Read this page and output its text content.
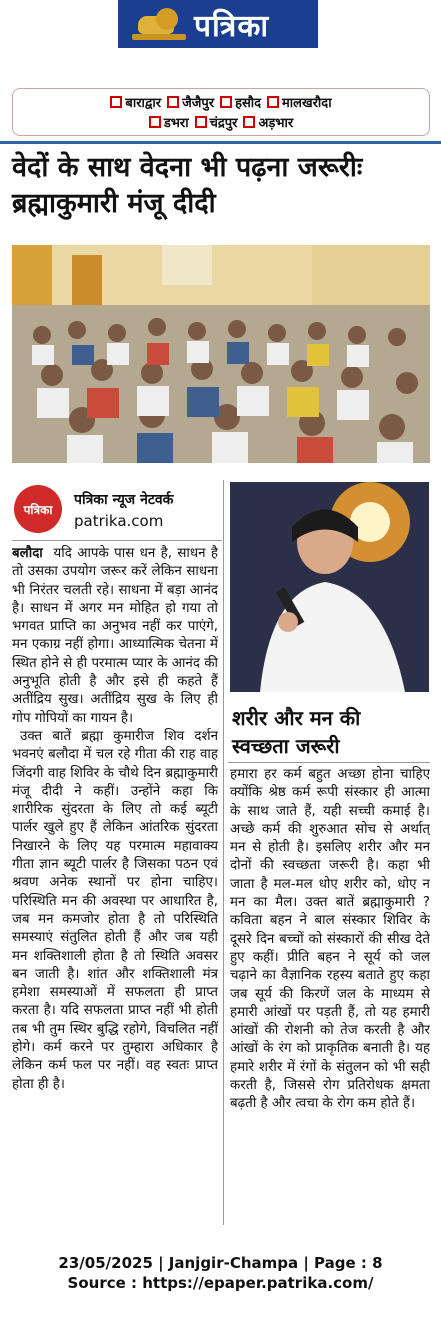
पत्रिका
बाराद्वार जैजैपुर हसौद मालखरौदा
डभरा चंद्रपुर अड़भार
वेदों के साथ वेदना भी पढ़ना जरूरीः
ब्रह्माकुमारी मंजू दीदी
पत्रिका
पत्रिका न्यूज नेटवर्क
patrika.com
बलौदा यदि आपके पास धन है, साधन है तो उसका उपयोग जरूर करें लेकिन साधना भी निरंतर चलती रहे। साधना में बड़ा आनंद है। साधन में अगर मन मोहित हो गया तो भगवत प्राप्ति का अनुभव नहीं कर पाएंगे, मन एकाग्र नहीं होगा। आध्यात्मिक चेतना में स्थित होने से ही परमात्म प्यार के आनंद की अनुभूति होती है और इसे ही कहते हैं अतींद्रिय सुख। अतींद्रिय सुख के लिए ही गोप गोपियों का गायन है।
उक्त बातें ब्रह्मा कुमारीज शिव दर्शन भवनएं बलौदा में चल रहे गीता की राह वाह जिंदगी वाह शिविर के चौथे दिन ब्रह्माकुमारी मंजू दीदी ने कहीं। उन्होंने कहा कि शारीरिक सुंदरता के लिए तो कई ब्यूटी पार्लर खुले हुए हैं लेकिन आंतरिक सुंदरता निखारने के लिए यह परमात्म महावाक्य गीता ज्ञान ब्यूटी पार्लर है जिसका पठन एवं श्रवण अनेक स्थानों पर होना चाहिए। परिस्थिति मन की अवस्था पर आधारित है, जब मन कमजोर होता है तो परिस्थिति समस्याएं संतुलित होती हैं और जब यही मन शक्तिशाली होता है तो स्थिति अवसर बन जाती है। शांत और शक्तिशाली मंत्र हमेशा समस्याओं में सफलता ही प्राप्त करता है। यदि सफलता प्राप्त नहीं भी होती तब भी तुम स्थिर बुद्धि रहोगे, विचलित नहीं होगे। कर्म करने पर तुम्हारा अधिकार है लेकिन कर्म फल पर नहीं। वह स्वतः प्राप्त होता ही है।
शरीर और मन की
स्वच्छता जरूरी
हमारा हर कर्म बहुत अच्छा होना चाहिए क्योंकि श्रेष्ठ कर्म रूपी संस्कार ही आत्मा के साथ जाते हैं, यही सच्ची कमाई है। अच्छे कर्म की शुरुआत सोच से अर्थात् मन से होती है। इसलिए शरीर और मन दोनों की स्वच्छता जरूरी है। कहा भी जाता है मल-मल धोए शरीर को, धोए न मन का मैल। उक्त बातें ब्रह्माकुमारी ? कविता बहन ने बाल संस्कार शिविर के दूसरे दिन बच्चों को संस्कारों की सीख देते हुए कहीं। प्रीति बहन ने सूर्य को जल चढ़ाने का वैज्ञानिक रहस्य बताते हुए कहा जब सूर्य की किरणें जल के माध्यम से हमारी आंखों पर पड़ती हैं, तो यह हमारी आंखों की रोशनी को तेज करती है और आंखों के रंग को प्राकृतिक बनाती है। यह हमारे शरीर में रंगों के संतुलन को भी सही करती है, जिससे रोग प्रतिरोधक क्षमता बढ़ती है और त्वचा के रोग कम होते हैं।
23/05/2025 | Janjgir-Champa | Page : 8
Source : https://epaper.patrika.com/
